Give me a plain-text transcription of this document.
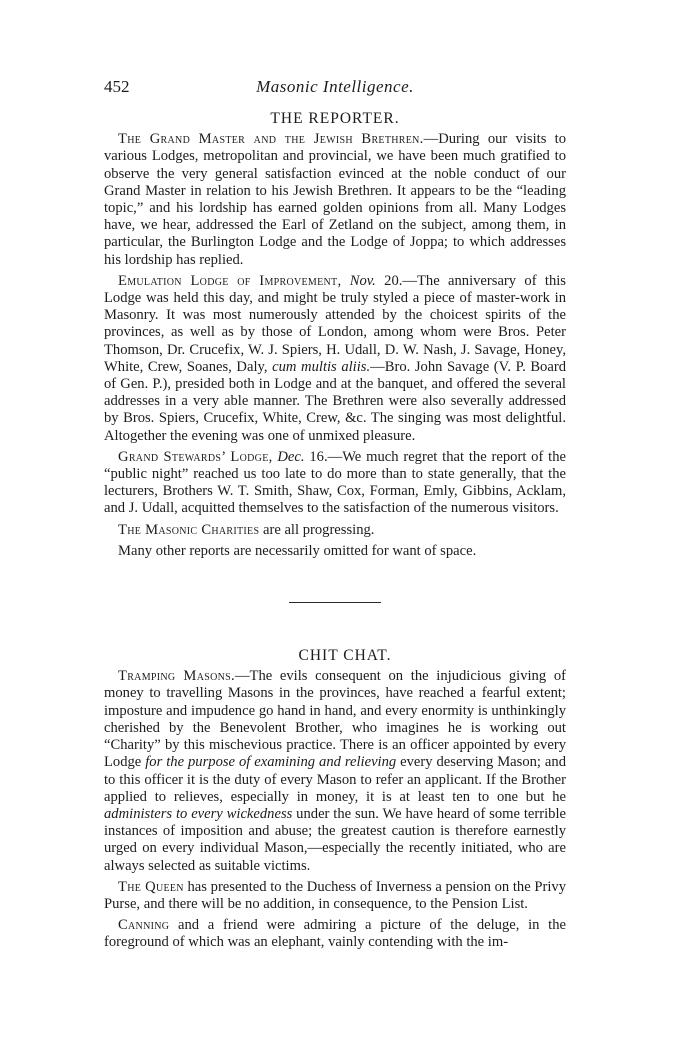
452	Masonic Intelligence.
THE REPORTER.

The Grand Master and the Jewish Brethren.—During our visits to various Lodges, metropolitan and provincial, we have been much gratified to observe the very general satisfaction evinced at the noble conduct of our Grand Master in relation to his Jewish Brethren. It appears to be the “leading topic,” and his lordship has earned golden opinions from all. Many Lodges have, we hear, addressed the Earl of Zetland on the subject, among them, in particular, the Burlington Lodge and the Lodge of Joppa; to which addresses his lordship has replied.

Emulation Lodge of Improvement, Nov. 20.—The anniversary of this Lodge was held this day, and might be truly styled a piece of master-work in Masonry. It was most numerously attended by the choicest spirits of the provinces, as well as by those of London, among whom were Bros. Peter Thomson, Dr. Crucefix, W. J. Spiers, H. Udall, D. W. Nash, J. Savage, Honey, White, Crew, Soanes, Daly, cum multis aliis.—Bro. John Savage (V. P. Board of Gen. P.), presided both in Lodge and at the banquet, and offered the several addresses in a very able manner. The Brethren were also severally addressed by Bros. Spiers, Crucefix, White, Crew, &c. The singing was most delightful. Altogether the evening was one of unmixed pleasure.

Grand Stewards’ Lodge, Dec. 16.—We much regret that the report of the “public night” reached us too late to do more than to state generally, that the lecturers, Brothers W. T. Smith, Shaw, Cox, Forman, Emly, Gibbins, Acklam, and J. Udall, acquitted themselves to the satisfaction of the numerous visitors.

The Masonic Charities are all progressing.

Many other reports are necessarily omitted for want of space.

CHIT CHAT.

Tramping Masons.—The evils consequent on the injudicious giving of money to travelling Masons in the provinces, have reached a fearful extent; imposture and impudence go hand in hand, and every enormity is unthinkingly cherished by the Benevolent Brother, who imagines he is working out “Charity” by this mischevious practice. There is an officer appointed by every Lodge for the purpose of examining and relieving every deserving Mason; and to this officer it is the duty of every Mason to refer an applicant. If the Brother applied to relieves, especially in money, it is at least ten to one but he administers to every wickedness under the sun. We have heard of some terrible instances of imposition and abuse; the greatest caution is therefore earnestly urged on every individual Mason,—especially the recently initiated, who are always selected as suitable victims.

The Queen has presented to the Duchess of Inverness a pension on the Privy Purse, and there will be no addition, in consequence, to the Pension List.

Canning and a friend were admiring a picture of the deluge, in the foreground of which was an elephant, vainly contending with the im-
